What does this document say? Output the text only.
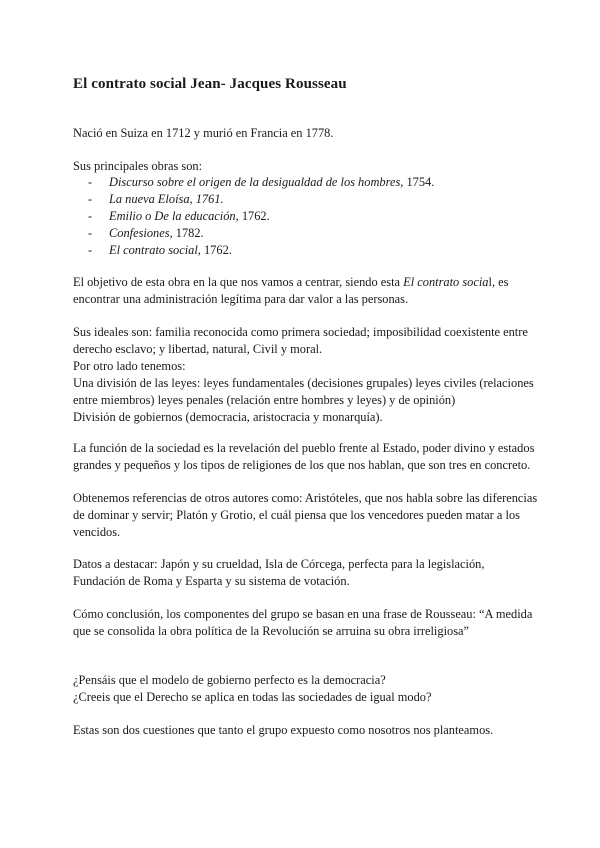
El contrato social Jean- Jacques Rousseau

Nació en Suiza en 1712 y murió en Francia en 1778.

Sus principales obras son:

- Discurso sobre el origen de la desigualdad de los hombres, 1754.
- La nueva Eloísa, 1761.
- Emilio o De la educación, 1762.
- Confesiones, 1782.
- El contrato social, 1762.
El objetivo de esta obra en la que nos vamos a centrar, siendo esta El contrato social, es
encontrar una administración legítima para dar valor a las personas.
Sus ideales son: familia reconocida como primera sociedad; imposibilidad coexistente entre
derecho esclavo; y libertad, natural, Civil y moral.
Por otro lado tenemos:
Una división de las leyes: leyes fundamentales (decisiones grupales) leyes civiles (relaciones
entre miembros) leyes penales (relación entre hombres y leyes) y de opinión)
División de gobiernos (democracia, aristocracia y monarquía).
La función de la sociedad es la revelación del pueblo frente al Estado, poder divino y estados
grandes y pequeños y los tipos de religiones de los que nos hablan, que son tres en concreto.
Obtenemos referencias de otros autores como: Aristóteles, que nos habla sobre las diferencias
de dominar y servir; Platón y Grotio, el cuál piensa que los vencedores pueden matar a los
vencidos.
Datos a destacar: Japón y su crueldad, Isla de Córcega, perfecta para la legislación,
Fundación de Roma y Esparta y su sistema de votación.
Cómo conclusión, los componentes del grupo se basan en una frase de Rousseau: “A medida
que se consolida la obra política de la Revolución se arruina su obra irreligiosa”
¿Pensáis que el modelo de gobierno perfecto es la democracia?
¿Creeis que el Derecho se aplica en todas las sociedades de igual modo?

Estas son dos cuestiones que tanto el grupo expuesto como nosotros nos planteamos.
